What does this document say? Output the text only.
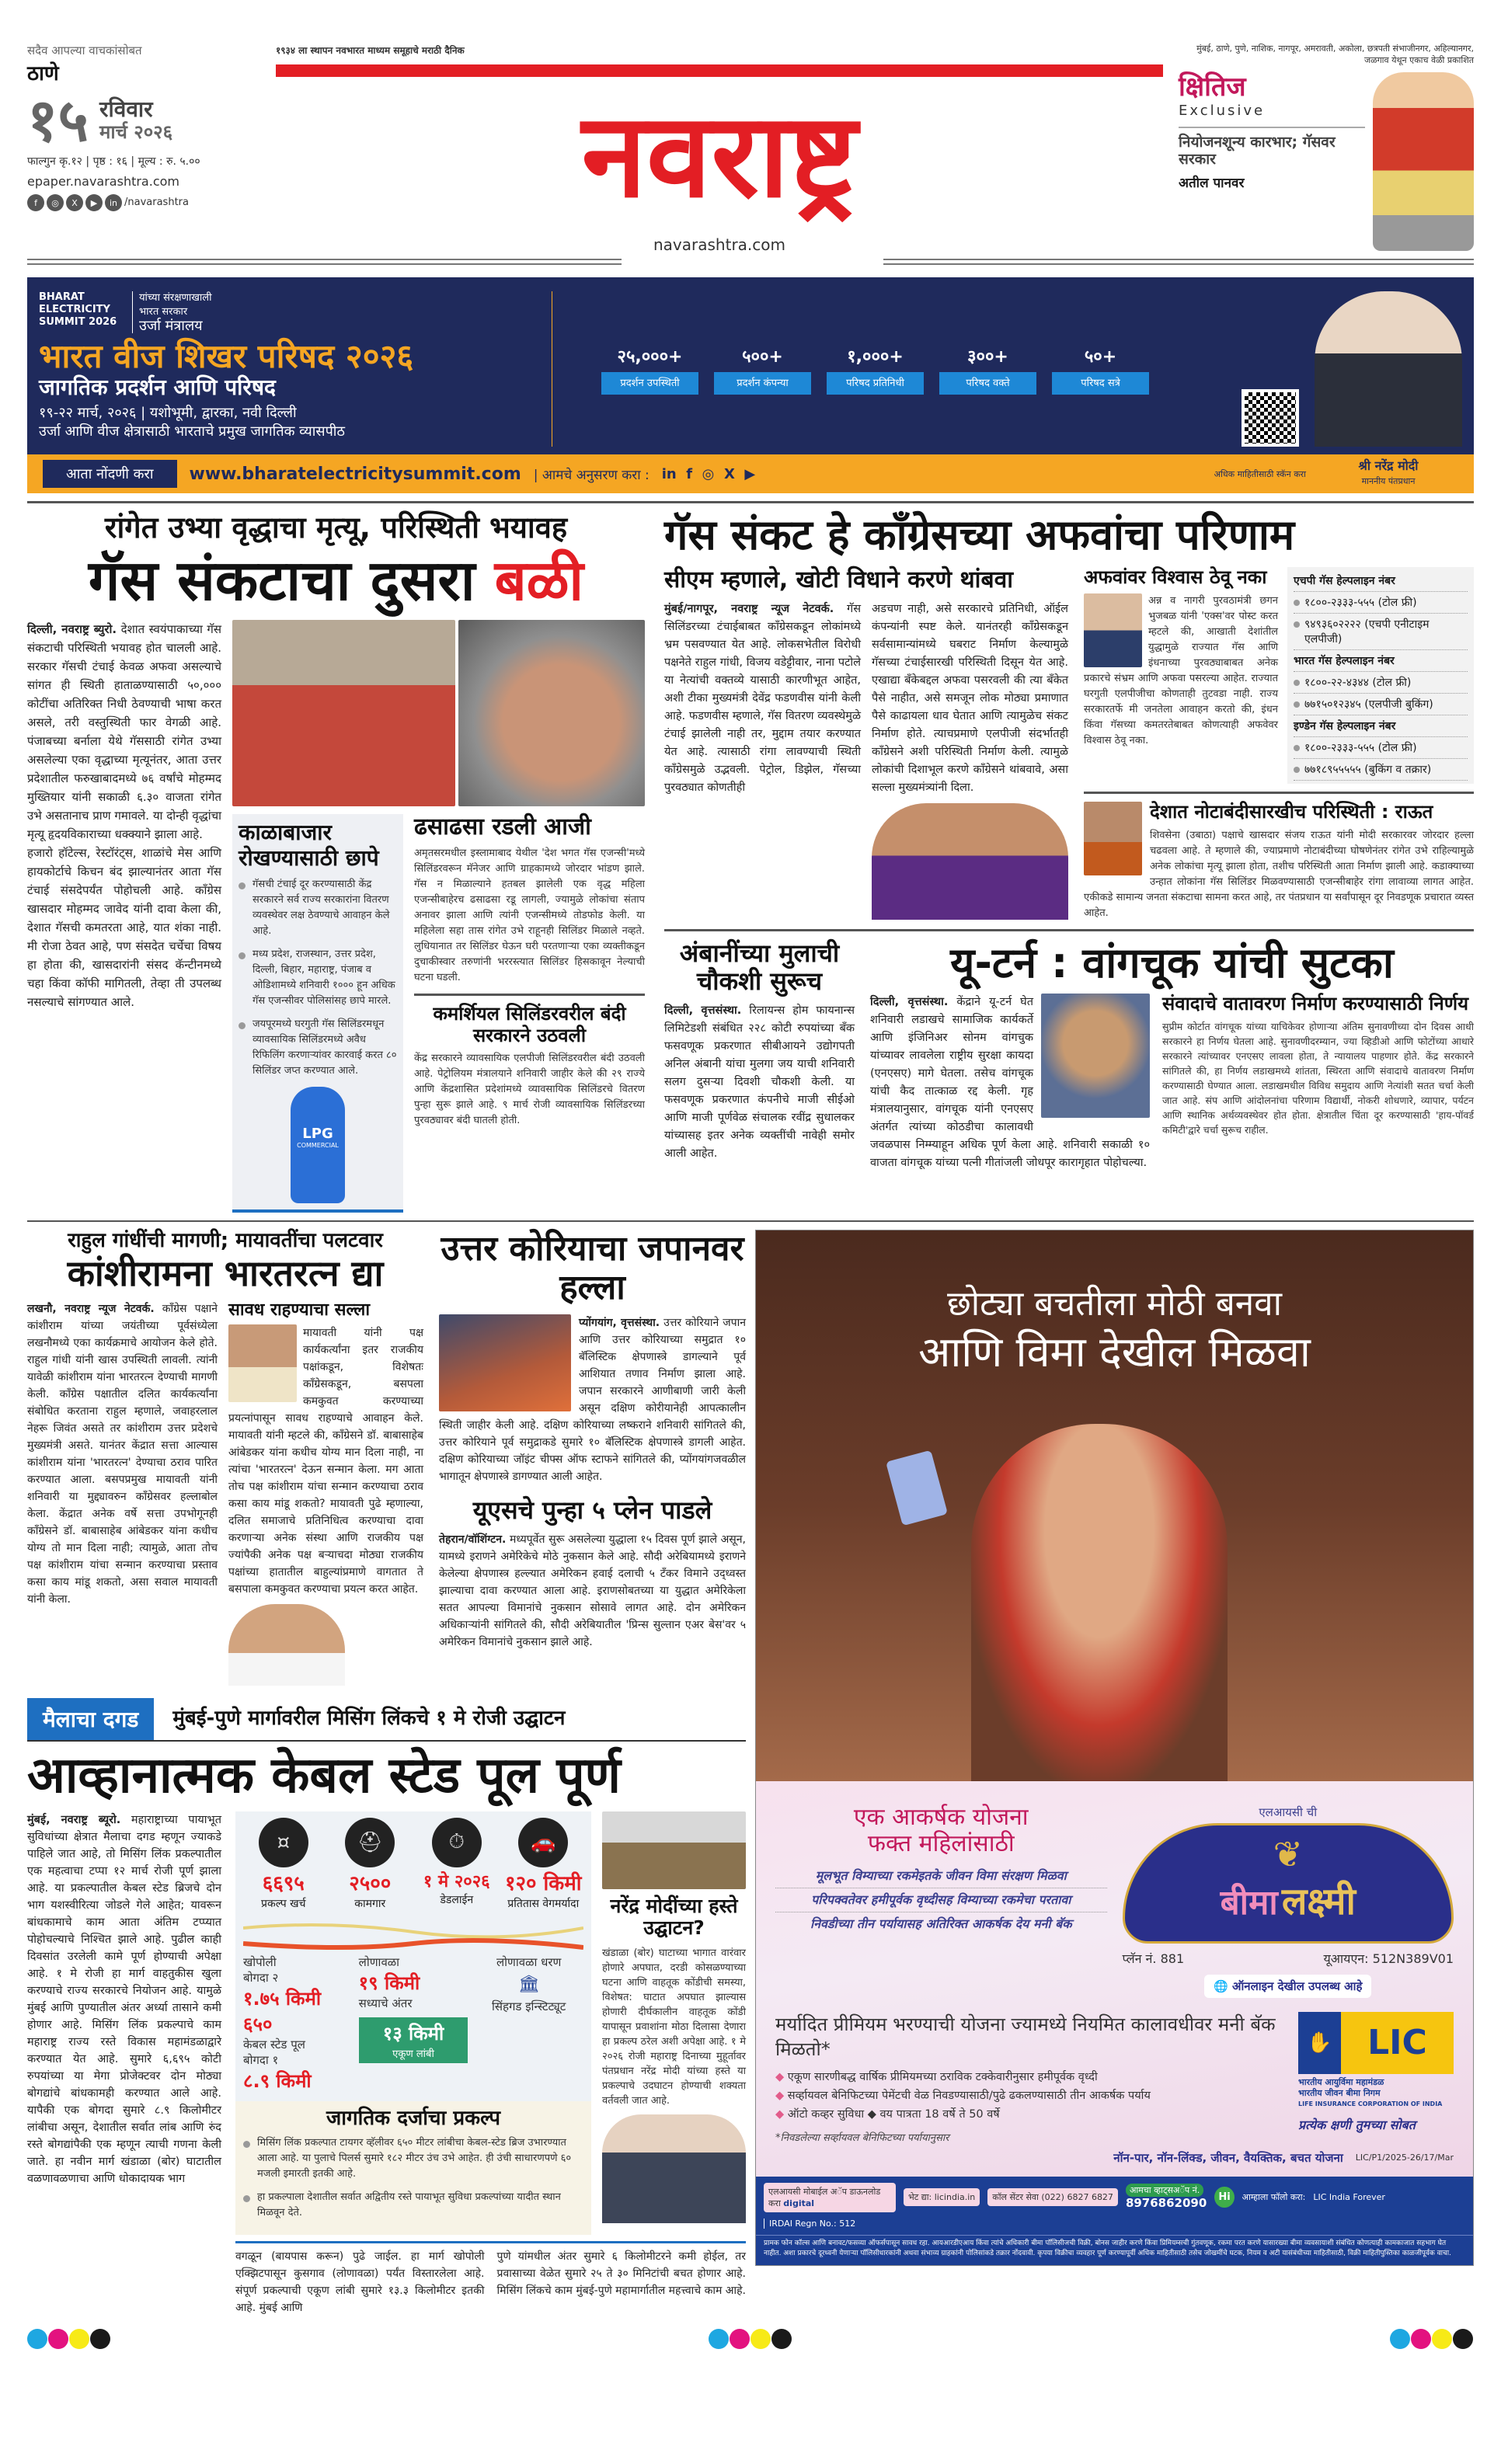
सदैव आपल्या वाचकांसोबत
ठाणे
१५ रविवार
मार्च २०२६
फाल्गुन कृ.१२ | पृष्ठ : १६ | मूल्य : रु. ५.००
epaper.navarashtra.com
f	◎	X	▶	in /navarashtra
१९३४ ला स्थापन नवभारत माध्यम समूहाचे मराठी दैनिक
नवराष्ट्र
navarashtra.com
मुंबई, ठाणे, पुणे, नाशिक, नागपूर, अमरावती, अकोला, छत्रपती संभाजीनगर, अहिल्यानगर, जळगाव येथून एकाच वेळी प्रकाशित
क्षितिज
Exclusive
नियोजनशून्य कारभार; गॅसवर सरकार
अतील पानवर
BHARAT ELECTRICITY SUMMIT 2026
यांच्या संरक्षणाखाली
भारत सरकार
उर्जा मंत्रालय
भारत वीज शिखर परिषद २०२६
जागतिक प्रदर्शन आणि परिषद
१९-२२ मार्च, २०२६ | यशोभूमी, द्वारका, नवी दिल्ली
उर्जा आणि वीज क्षेत्रासाठी भारताचे प्रमुख जागतिक व्यासपीठ
२५,०००+
प्रदर्शन उपस्थिती
५००+
प्रदर्शन कंपन्या
१,०००+
परिषद प्रतिनिधी
३००+
परिषद वक्ते
५०+
परिषद सत्रे
आता नोंदणी करा	www.bharatelectricitysummit.com | आमचे अनुसरण करा : in f ◎ X ▶	अधिक माहितीसाठी स्कॅन करा
श्री नरेंद्र मोदी
माननीय पंतप्रधान
रांगेत उभ्या वृद्धाचा मृत्यू, परिस्थिती भयावह
गॅस संकटाचा दुसरा बळी
दिल्ली, नवराष्ट्र ब्युरो. देशात स्वयंपाकाच्या गॅस संकटाची परिस्थिती भयावह होत चालली आहे. सरकार गॅसची टंचाई केवळ अफवा असल्याचे सांगत ही स्थिती हाताळण्यासाठी ५०,००० कोटींचा अतिरिक्त निधी ठेवण्याची भाषा करत असले, तरी वस्तुस्थिती फार वेगळी आहे. पंजाबच्या बर्नाला येथे गॅससाठी रांगेत उभ्या असलेल्या एका वृद्धाच्या मृत्यूनंतर, आता उत्तर प्रदेशातील फरुखाबादमध्ये ७६ वर्षांचे मोहम्मद मुख्तियार यांनी सकाळी ६.३० वाजता रांगेत उभे असतानाच प्राण गमावले. या दोन्ही वृद्धांचा मृत्यू हृदयविकाराच्या धक्क्याने झाला आहे.
हजारो हॉटेल्स, रेस्टॉरंट्स, शाळांचे मेस आणि हायकोर्टाचे किचन बंद झाल्यानंतर आता गॅस टंचाई संसदेपर्यंत पोहोचली आहे. काँग्रेस खासदार मोहम्मद जावेद यांनी दावा केला की, देशात गॅसची कमतरता आहे, यात शंका नाही. मी रोजा ठेवत आहे, पण संसदेत चर्चेचा विषय हा होता की, खासदारांनी संसद कॅन्टीनमध्ये चहा किंवा कॉफी मागितली, तेव्हा ती उपलब्ध नसल्याचे सांगण्यात आले.
काळाबाजार रोखण्यासाठी छापे
गॅसची टंचाई दूर करण्यासाठी केंद्र सरकारने सर्व राज्य सरकारांना वितरण व्यवस्थेवर लक्ष ठेवण्याचे आवाहन केले आहे.
मध्य प्रदेश, राजस्थान, उत्तर प्रदेश, दिल्ली, बिहार, महाराष्ट्र, पंजाब व ओडिशामध्ये शनिवारी १००० हून अधिक गॅस एजन्सीवर पोलिसांसह छापे मारले.
जयपूरमध्ये घरगुती गॅस सिलिंडरमधून व्यावसायिक सिलिंडरमध्ये अवैध रिफिलिंग करणाऱ्यांवर कारवाई करत ८० सिलिंडर जप्त करण्यात आले.
LPG
COMMERCIAL
ढसाढसा रडली आजी
अमृतसरमधील इस्लामाबाद येथील 'देश भगत गॅस एजन्सी'मध्ये सिलिंडरवरून मॅनेजर आणि ग्राहकामध्ये जोरदार भांडण झाले. गॅस न मिळाल्याने हतबल झालेली एक वृद्ध महिला एजन्सीबाहेरच ढसाढसा रडू लागली, ज्यामुळे लोकांचा संताप अनावर झाला आणि त्यांनी एजन्सीमध्ये तोडफोड केली. या महिलेला सहा तास रांगेत उभे राहूनही सिलिंडर मिळाले नव्हते. लुधियानात तर सिलिंडर घेऊन घरी परतणाऱ्या एका व्यक्तीकडून दुचाकीस्वार तरुणांनी भररस्त्यात सिलिंडर हिसकावून नेल्याची घटना घडली.
कमर्शियल सिलिंडरवरील बंदी सरकारने उठवली
केंद्र सरकारने व्यावसायिक एलपीजी सिलिंडरवरील बंदी उठवली आहे. पेट्रोलियम मंत्रालयाने शनिवारी जाहीर केले की २९ राज्ये आणि केंद्रशासित प्रदेशांमध्ये व्यावसायिक सिलिंडरचे वितरण पुन्हा सुरू झाले आहे. ९ मार्च रोजी व्यावसायिक सिलिंडरच्या पुरवठ्यावर बंदी घातली होती.
गॅस संकट हे काँग्रेसच्या अफवांचा परिणाम
सीएम म्हणाले, खोटी विधाने करणे थांबवा
मुंबई/नागपूर, नवराष्ट्र न्यूज नेटवर्क. गॅस सिलिंडरच्या टंचाईबाबत काँग्रेसकडून लोकांमध्ये भ्रम पसवण्यात येत आहे. लोकसभेतील विरोधी पक्षनेते राहुल गांधी, विजय वडेट्टीवार, नाना पटोले या नेत्यांची वक्तव्ये यासाठी कारणीभूत आहेत, अशी टीका मुख्यमंत्री देवेंद्र फडणवीस यांनी केली आहे. फडणवीस म्हणाले, गॅस वितरण व्यवस्थेमुळे टंचाई झालेली नाही तर, मुद्दाम तयार करण्यात येत आहे. त्यासाठी रांगा लावण्याची स्थिती काँग्रेसमुळे उद्भवली. पेट्रोल, डिझेल, गॅसच्या पुरवठ्यात कोणतीही
अडचण नाही, असे सरकारचे प्रतिनिधी, ऑईल कंपन्यांनी स्पष्ट केले. यानंतरही काँग्रेसकडून सर्वसामान्यांमध्ये घबराट निर्माण केल्यामुळे गॅसच्या टंचाईसारखी परिस्थिती दिसून येत आहे. एखाद्या बँकेबद्दल अफवा पसरवली की त्या बँकेत पैसे नाहीत, असे समजून लोक मोठ्या प्रमाणात पैसे काढायला धाव घेतात आणि त्यामुळेच संकट निर्माण होते. त्याचप्रमाणे एलपीजी संदर्भातही काँग्रेसने अशी परिस्थिती निर्माण केली. त्यामुळे लोकांची दिशाभूल करणे काँग्रेसने थांबवावे, असा सल्ला मुख्यमंत्र्यांनी दिला.
अफवांवर विश्वास ठेवू नका
अन्न व नागरी पुरवठामंत्री छगन भुजबळ यांनी 'एक्स'वर पोस्ट करत म्हटले की, आखाती देशांतील युद्धामुळे राज्यात गॅस आणि इंधनाच्या पुरवठ्याबाबत अनेक प्रकारचे संभ्रम आणि अफवा पसरल्या आहेत. राज्यात घरगुती एलपीजीचा कोणताही तुटवडा नाही. राज्य सरकारतर्फे मी जनतेला आवाहन करतो की, इंधन किंवा गॅसच्या कमतरतेबाबत कोणत्याही अफवेवर विश्वास ठेवू नका.
एचपी गॅस हेल्पलाइन नंबर
१८००-२३३३-५५५ (टोल फ्री)
९४९३६०२२२२ (एचपी एनीटाइम एलपीजी)
भारत गॅस हेल्पलाइन नंबर
१८००-२२-४३४४ (टोल फ्री)
७७१५०१२३४५ (एलपीजी बुकिंग)
इण्डेन गॅस हेल्पलाइन नंबर
१८००-२३३३-५५५ (टोल फ्री)
७७१८९५५५५५ (बुकिंग व तक्रार)
देशात नोटाबंदीसारखीच परिस्थिती : राऊत
शिवसेना (उबाठा) पक्षाचे खासदार संजय राऊत यांनी मोदी सरकारवर जोरदार हल्ला चढवला आहे. ते म्हणाले की, ज्याप्रमाणे नोटाबंदीच्या घोषणेनंतर रांगेत उभे राहिल्यामुळे अनेक लोकांचा मृत्यू झाला होता, तशीच परिस्थिती आता निर्माण झाली आहे. कडाक्याच्या उन्हात लोकांना गॅस सिलिंडर मिळवण्यासाठी एजन्सीबाहेर रांगा लावाव्या लागत आहेत. एकीकडे सामान्य जनता संकटाचा सामना करत आहे, तर पंतप्रधान या सर्वांपासून दूर निवडणूक प्रचारात व्यस्त आहेत.
अंबानींच्या मुलाची चौकशी सुरूच
दिल्ली, वृत्तसंस्था. रिलायन्स होम फायनान्स लिमिटेडशी संबंधित २२८ कोटी रुपयांच्या बँक फसवणूक प्रकरणात सीबीआयने उद्योगपती अनिल अंबानी यांचा मुलगा जय याची शनिवारी सलग दुसऱ्या दिवशी चौकशी केली. या फसवणूक प्रकरणात कंपनीचे माजी सीईओ आणि माजी पूर्णवेळ संचालक रवींद्र सुधालकर यांच्यासह इतर अनेक व्यक्तींची नावेही समोर आली आहेत.
यू-टर्न : वांगचूक यांची सुटका
दिल्ली, वृत्तसंस्था. केंद्राने यू-टर्न घेत शनिवारी लडाखचे सामाजिक कार्यकर्ते आणि इंजिनिअर सोनम वांगचुक यांच्यावर लावलेला राष्ट्रीय सुरक्षा कायदा (एनएसए) मागे घेतला. तसेच वांगचूक यांची कैद तात्काळ रद्द केली. गृह मंत्रालयानुसार, वांगचूक यांनी एनएसए अंतर्गत त्यांच्या कोठडीचा कालावधी जवळपास निम्म्याहून अधिक पूर्ण केला आहे. शनिवारी सकाळी १० वाजता वांगचूक यांच्या पत्नी गीतांजली जोधपूर कारागृहात पोहोचल्या.
संवादाचे वातावरण निर्माण करण्यासाठी निर्णय
सुप्रीम कोर्टात वांगचूक यांच्या याचिकेवर होणाऱ्या अंतिम सुनावणीच्या दोन दिवस आधी सरकारने हा निर्णय घेतला आहे. सुनावणीदरम्यान, ज्या व्हिडीओ आणि फोटोंच्या आधारे सरकारने त्यांच्यावर एनएसए लावला होता, ते न्यायालय पाहणार होते. केंद्र सरकारने सांगितले की, हा निर्णय लडाखमध्ये शांतता, स्थिरता आणि संवादाचे वातावरण निर्माण करण्यासाठी घेण्यात आला. लडाखमधील विविध समुदाय आणि नेत्यांशी सतत चर्चा केली जात आहे. संप आणि आंदोलनांचा परिणाम विद्यार्थी, नोकरी शोधणारे, व्यापार, पर्यटन आणि स्थानिक अर्थव्यवस्थेवर होत होता. क्षेत्रातील चिंता दूर करण्यासाठी 'हाय-पॉवर्ड कमिटी'द्वारे चर्चा सुरूच राहील.
राहुल गांधींची मागणी; मायावतींचा पलटवार
कांशीरामना भारतरत्न द्या
लखनौ, नवराष्ट्र न्यूज नेटवर्क. काँग्रेस पक्षाने कांशीराम यांच्या जयंतीच्या पूर्वसंध्येला लखनौमध्ये एका कार्यक्रमाचे आयोजन केले होते. राहुल गांधी यांनी खास उपस्थिती लावली. त्यांनी यावेळी कांशीराम यांना भारतरत्न देण्याची मागणी केली. काँग्रेस पक्षातील दलित कार्यकर्त्यांना संबोधित करताना राहुल म्हणाले, जवाहरलाल नेहरू जिवंत असते तर कांशीराम उत्तर प्रदेशचे मुख्यमंत्री असते. यानंतर केंद्रात सत्ता आल्यास कांशीराम यांना 'भारतरत्न' देण्याचा ठराव पारित करण्यात आला. बसपप्रमुख मायावती यांनी शनिवारी या मुद्द्यावरुन काँग्रेसवर हल्लाबोल केला. केंद्रात अनेक वर्षे सत्ता उपभोगूनही काँग्रेसने डॉ. बाबासाहेब आंबेडकर यांना कधीच योग्य तो मान दिला नाही; त्यामुळे, आता तोच पक्ष कांशीराम यांचा सन्मान करण्याचा प्रस्ताव कसा काय मांडू शकतो, असा सवाल मायावती यांनी केला.
सावध राहण्याचा सल्ला
मायावती यांनी पक्ष कार्यकर्त्यांना इतर राजकीय पक्षांकडून, विशेषतः काँग्रेसकडून, बसपला कमकुवत करण्याच्या प्रयत्नांपासून सावध राहण्याचे आवाहन केले. मायावती यांनी म्हटले की, काँग्रेसने डॉ. बाबासाहेब आंबेडकर यांना कधीच योग्य मान दिला नाही, ना त्यांचा 'भारतरत्न' देऊन सन्मान केला. मग आता तोच पक्ष कांशीराम यांचा सन्मान करण्याचा ठराव कसा काय मांडू शकतो? मायावती पुढे म्हणाल्या, दलित समाजाचे प्रतिनिधित्व करण्याचा दावा करणाऱ्या अनेक संस्था आणि राजकीय पक्ष ज्यांपैकी अनेक पक्ष बऱ्याचदा मोठ्या राजकीय पक्षांच्या हातातील बाहुल्यांप्रमाणे वागतात ते बसपाला कमकुवत करण्याचा प्रयत्न करत आहेत.
उत्तर कोरियाचा जपानवर हल्ला
प्योंगयांग, वृत्तसंस्था. उत्तर कोरियाने जपान आणि उत्तर कोरियाच्या समुद्रात १० बॅलिस्टिक क्षेपणास्त्रे डागल्याने पूर्व आशियात तणाव निर्माण झाला आहे. जपान सरकारने आणीबाणी जारी केली असून दक्षिण कोरीयानेही आपत्कालीन स्थिती जाहीर केली आहे. दक्षिण कोरियाच्या लष्कराने शनिवारी सांगितले की, उत्तर कोरियाने पूर्व समुद्राकडे सुमारे १० बॅलिस्टिक क्षेपणास्त्रे डागली आहेत. दक्षिण कोरियाच्या जॉइंट चीफ्स ऑफ स्टाफने सांगितले की, प्योंगयांगजवळील भागातून क्षेपणास्त्रे डागण्यात आली आहेत.
यूएसचे पुन्हा ५ प्लेन पाडले
तेहरान/वॉशिंग्टन. मध्यपूर्वेत सुरू असलेल्या युद्धाला १५ दिवस पूर्ण झाले असून, यामध्ये इराणने अमेरिकेचे मोठे नुकसान केले आहे. सौदी अरेबियामध्ये इराणने केलेल्या क्षेपणास्त्र हल्ल्यात अमेरिकन हवाई दलाची ५ टँकर विमाने उद्ध्वस्त झाल्याचा दावा करण्यात आला आहे. इराणसोबतच्या या युद्धात अमेरिकेला सतत आपल्या विमानांचे नुकसान सोसावे लागत आहे. दोन अमेरिकन अधिकाऱ्यांनी सांगितले की, सौदी अरेबियातील 'प्रिन्स सुल्तान एअर बेस'वर ५ अमेरिकन विमानांचे नुकसान झाले आहे.
मैलाचा दगड	मुंबई-पुणे मार्गावरील मिसिंग लिंकचे १ मे रोजी उद्घाटन
आव्हानात्मक केबल स्टेड पूल पूर्ण
मुंबई, नवराष्ट्र ब्यूरो. महाराष्ट्राच्या पायाभूत सुविधांच्या क्षेत्रात मैलाचा दगड म्हणून ज्याकडे पाहिले जात आहे, तो मिसिंग लिंक प्रकल्पातील एक महत्वाचा टप्पा १२ मार्च रोजी पूर्ण झाला आहे. या प्रकल्पातील केबल स्टेड ब्रिजचे दोन भाग यशस्वीरित्या जोडले गेले आहेत; यावरून बांधकामाचे काम आता अंतिम टप्प्यात पोहोचल्याचे निश्चित झाले आहे. पुढील काही दिवसांत उरलेली कामे पूर्ण होण्याची अपेक्षा आहे. १ मे रोजी हा मार्ग वाहतुकीस खुला करण्याचे राज्य सरकारचे नियोजन आहे. यामुळे मुंबई आणि पुण्यातील अंतर अर्ध्या तासाने कमी होणार आहे. मिसिंग लिंक प्रकल्पाचे काम महाराष्ट्र राज्य रस्ते विकास महामंडळाद्वारे करण्यात येत आहे. सुमारे ६,६९५ कोटी रुपयांच्या या मेगा प्रोजेक्टवर दोन मोठ्या बोगद्यांचे बांधकामही करण्यात आले आहे. यापैकी एक बोगदा सुमारे ८.९ किलोमीटर लांबीचा असून, देशातील सर्वात लांब आणि रुंद रस्ते बोगद्यांपैकी एक म्हणून त्याची गणना केली जाते. हा नवीन मार्ग खंडाळा (बोर) घाटातील वळणावळणाचा आणि धोकादायक भाग
¤
६६९५
प्रकल्प खर्च
⛑
२५००
कामगार
⏱
१ मे २०२६
डेडलाईन
🚗
१२० किमी
प्रतितास वेगमर्यादा
खोपोली
बोगदा २
१.७५ किमी
६५०
केबल स्टेड पूल
बोगदा १
८.९ किमी
लोणावळा
१९ किमी
सध्याचे अंतर
१३ किमी
एकूण लांबी
लोणावळा धरण
🏛
सिंहगड इन्स्टिट्यूट
जागतिक दर्जाचा प्रकल्प
मिसिंग लिंक प्रकल्पात टायगर व्हॅलीवर ६५० मीटर लांबीचा केबल-स्टेड ब्रिज उभारण्यात आला आहे. या पुलाचे पिलर्स सुमारे १८२ मीटर उंच उभे आहेत. ही उंची साधारणपणे ६० मजली इमारती इतकी आहे.
हा प्रकल्पाला देशातील सर्वात अद्वितीय रस्ते पायाभूत सुविधा प्रकल्पांच्या यादीत स्थान मिळवून देते.
नरेंद्र मोदींच्या हस्ते उद्घाटन?
खंडाळा (बोर) घाटाच्या भागात वारंवार होणारे अपघात, दरडी कोसळण्याच्या घटना आणि वाहतूक कोंडीची समस्या, विशेषत: घाटात अपघात झाल्यास होणारी दीर्घकालीन वाहतूक कोंडी यापासून प्रवाशांना मोठा दिलासा देणारा हा प्रकल्प ठरेल अशी अपेक्षा आहे. १ मे २०२६ रोजी महाराष्ट्र दिनाच्या मुहूर्तावर पंतप्रधान नरेंद्र मोदी यांच्या हस्ते या प्रकल्पाचे उदघाटन होण्याची शक्यता वर्तवली जात आहे.
वगळून (बायपास करून) पुढे जाईल. हा मार्ग खोपोली एक्झिटपासून कुसगाव (लोणावळा) पर्यंत विस्तारलेला आहे. संपूर्ण प्रकल्पाची एकूण लांबी सुमारे १३.३ किलोमीटर इतकी आहे. मुंबई आणि
पुणे यांमधील अंतर सुमारे ६ किलोमीटरने कमी होईल, तर प्रवासाच्या वेळेत सुमारे २५ ते ३० मिनिटांची बचत होणार आहे. मिसिंग लिंकचे काम मुंबई-पुणे महामार्गातील महत्त्वाचे काम आहे.
छोट्या बचतीला मोठी बनवा
आणि विमा देखील मिळवा
एक आकर्षक योजना
फक्त महिलांसाठी
मूलभूत विम्याच्या रकमेइतके जीवन विमा संरक्षण मिळवा
परिपक्वतेवर हमीपूर्वक वृध्दीसह विम्याच्या रकमेचा परतावा
निवडीच्या तीन पर्यायासह अतिरिक्त आकर्षक देय मनी बॅक
एलआयसी ची
❦
बीमा लक्ष्मी
प्लॅन नं. 881	यूआयएन: 512N389V01
🌐 ऑनलाइन देखील उपलब्ध आहे
मर्यादित प्रीमियम भरण्याची योजना ज्यामध्ये नियमित कालावधीवर मनी बॅक मिळतो*
◆ एकूण सारणीबद्ध वार्षिक प्रीमियमच्या ठराविक टक्केवारीनुसार हमीपूर्वक वृध्दी
◆ सर्व्हायवल बेनिफिटच्या पेमेंटची वेळ निवडण्यासाठी/पुढे ढकलण्यासाठी तीन आकर्षक पर्याय
◆ ऑटो कव्हर सुविधा ◆ वय पात्रता 18 वर्षे ते 50 वर्षे
*निवडलेल्या सर्व्हायवल बेनिफिटच्या पर्यायानुसार
✋	LIC
भारतीय आयुर्विमा महामंडळ
भारतीय जीवन बीमा निगम
LIFE INSURANCE CORPORATION OF INDIA
प्रत्येक क्षणी तुमच्या सोबत
नॉन-पार, नॉन-लिंक्ड, जीवन, वैयक्तिक, बचत योजना LIC/P1/2025-26/17/Mar
एलआयसी मोबाईल अॅप डाऊनलोड करा digital
भेट द्या: licindia.in	कॉल सेंटर सेवा (022) 6827 6827
आमचा व्हाट्सअॅप नं.
8976862090	Hi	आम्हाला फॉलो करा: LIC India Forever
IRDAI Regn No.: 512
प्रामक फोन कॉल्स आणि बनावट/फसव्या ऑफर्सपासून सावध रहा. आयआरडीएआय किंवा त्यांचे अधिकारी बीमा पॉलिसीजची विक्री, बोनस जाहीर करणे किंवा प्रिमियम्सची गुंतवणूक, रकमा परत करणे यासारख्या बीमा व्यवसायाशी संबंधित कोणत्याही कामकाजात सहभाग घेत नाहीत. अशा प्रकारचे दूरध्वनी येणाऱ्या पॉलिसीधारकांनी अथवा संभाव्य ग्राहकांनी पोलिसांकडे तक्रार नोंदवावी. कृपया विक्रीचा व्यवहार पूर्ण करण्यापूर्वी अधिक माहितीसाठी तसेच जोखमींचे घटक, नियम व अटी यासंबंधीच्या माहितीसाठी, विक्री माहितीपुस्तिका काळजीपूर्वक वाचा.
